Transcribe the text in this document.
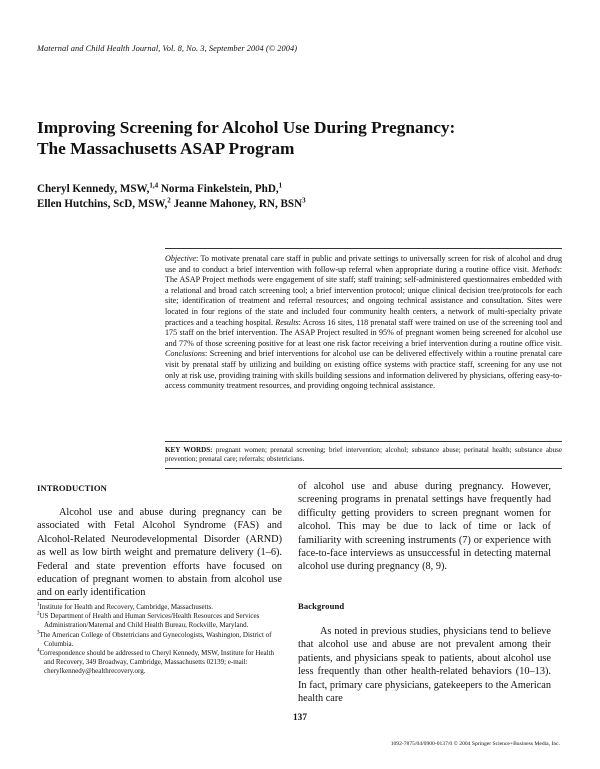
Maternal and Child Health Journal, Vol. 8, No. 3, September 2004 (© 2004)
Improving Screening for Alcohol Use During Pregnancy:
The Massachusetts ASAP Program
Cheryl Kennedy, MSW,$^{1,4}$ Norma Finkelstein, PhD,$^1$
Ellen Hutchins, ScD, MSW,$^2$ Jeanne Mahoney, RN, BSN$^3$
Objective: To motivate prenatal care staff in public and private settings to universally screen for risk of alcohol and drug use and to conduct a brief intervention with follow-up referral when appropriate during a routine office visit. Methods: The ASAP Project methods were engagement of site staff; staff training; self-administered questionnaires embedded with a relational and broad catch screening tool; a brief intervention protocol; unique clinical decision tree/protocols for each site; identification of treatment and referral resources; and ongoing technical assistance and consultation. Sites were located in four regions of the state and included four community health centers, a network of multi-specialty private practices and a teaching hospital. Results: Across 16 sites, 118 prenatal staff were trained on use of the screening tool and 175 staff on the brief intervention. The ASAP Project resulted in 95% of pregnant women being screened for alcohol use and 77% of those screening positive for at least one risk factor receiving a brief intervention during a routine office visit. Conclusions: Screening and brief interventions for alcohol use can be delivered effectively within a routine prenatal care visit by prenatal staff by utilizing and building on existing office systems with practice staff, screening for any use not only at risk use, providing training with skills building sessions and information delivered by physicians, offering easy-to-access community treatment resources, and providing ongoing technical assistance.
KEY WORDS: pregnant women; prenatal screening; brief intervention; alcohol; substance abuse; perinatal health; substance abuse prevention; prenatal care; referrals; obstetricians.
INTRODUCTION
Alcohol use and abuse during pregnancy can be associated with Fetal Alcohol Syndrome (FAS) and Alcohol-Related Neurodevelopmental Disorder (ARND) as well as low birth weight and premature delivery (1–6). Federal and state prevention efforts have focused on education of pregnant women to abstain from alcohol use and on early identification

$^1$Institute for Health and Recovery, Cambridge, Massachusetts.

$^2$US Department of Health and Human Services/Health Resources and Services Administration/Maternal and Child Health Bureau, Rockville, Maryland.

$^3$The American College of Obstetricians and Gynecologists, Washington, District of Columbia.

$^4$Correspondence should be addressed to Cheryl Kennedy, MSW, Institute for Health and Recovery, 349 Broadway, Cambridge, Massachusetts 02139; e-mail: cherylkennedy@healthrecovery.org.

of alcohol use and abuse during pregnancy. However, screening programs in prenatal settings have frequently had difficulty getting providers to screen pregnant women for alcohol. This may be due to lack of time or lack of familiarity with screening instruments (7) or experience with face-to-face interviews as unsuccessful in detecting maternal alcohol use during pregnancy (8, 9).
Background
As noted in previous studies, physicians tend to believe that alcohol use and abuse are not prevalent among their patients, and physicians speak to patients, about alcohol use less frequently than other health-related behaviors (10–13). In fact, primary care physicians, gatekeepers to the American health care
137
1092-7875/04/0900-0137/0 © 2004 Springer Science+Business Media, Inc.
